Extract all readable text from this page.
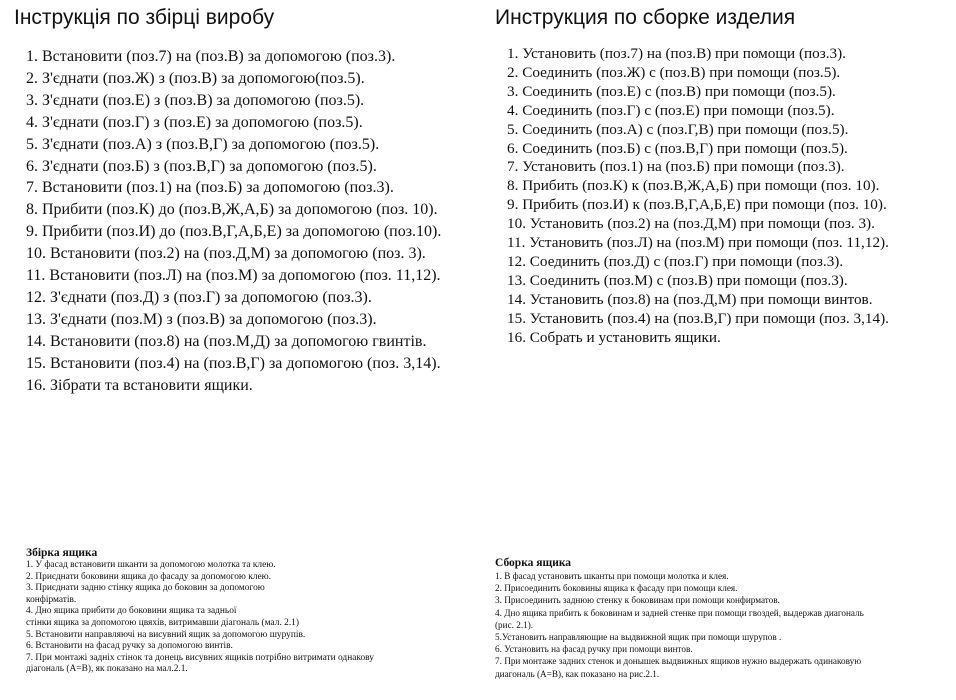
Інструкція по збірці виробу

1. Встановити (поз.7) на (поз.В) за допомогою (поз.3).

2. З'єднати (поз.Ж) з (поз.В) за допомогою(поз.5).

3. З'єднати (поз.Е) з (поз.В) за допомогою (поз.5).

4. З'єднати (поз.Г) з (поз.Е) за допомогою (поз.5).

5. З'єднати (поз.А) з (поз.В,Г) за допомогою (поз.5).

6. З'єднати (поз.Б) з (поз.В,Г) за допомогою (поз.5).

7. Встановити (поз.1) на (поз.Б) за допомогою (поз.3).

8. Прибити (поз.К) до (поз.В,Ж,А,Б) за допомогою (поз. 10).

9. Прибити (поз.И) до (поз.В,Г,А,Б,Е) за допомогою (поз.10).

10. Встановити (поз.2) на (поз.Д,М) за допомогою (поз. 3).

11. Встановити (поз.Л) на (поз.М) за допомогою (поз. 11,12).

12. З'єднати (поз.Д) з (поз.Г) за допомогою (поз.3).

13. З'єднати (поз.М) з (поз.В) за допомогою (поз.3).

14. Встановити (поз.8) на (поз.М,Д) за допомогою гвинтів.

15. Встановити (поз.4) на (поз.В,Г) за допомогою (поз. 3,14).

16. Зібрати та встановити ящики.

Збірка ящика
1. У фасад встановити шканти за допомогою молотка та клею.
2. Приєднати боковини ящика до фасаду за допомогою клею.
3. Приєднати задню стінку ящика до боковин за допомогою
конфірматів.
4. Дно ящика прибити до боковини ящика та задньої
стінки ящика за допомогою цвяхів, витримавши діагональ (мал. 2.1)
5. Встановити направляючі на висувний ящик за допомогою шурупів.
6. Встановити на фасад ручку за допомогою винтів.
7. При монтажі задніх стінок та донець висувних ящиків потрібно витримати однакову
діагональ (А=В), як показано на мал.2.1.
Инструкция по сборке изделия

1. Установить (поз.7) на (поз.В) при помощи (поз.3).

2. Соединить (поз.Ж) с (поз.В) при помощи (поз.5).

3. Соединить (поз.Е) с (поз.В) при помощи (поз.5).

4. Соединить (поз.Г) с (поз.Е) при помощи (поз.5).

5. Соединить (поз.А) с (поз.Г,В) при помощи (поз.5).

6. Соединить (поз.Б) с (поз.В,Г) при помощи (поз.5).

7. Установить (поз.1) на (поз.Б) при помощи (поз.3).

8. Прибить (поз.К) к (поз.В,Ж,А,Б) при помощи (поз. 10).

9. Прибить (поз.И) к (поз.В,Г,А,Б,Е) при помощи (поз. 10).

10. Установить (поз.2) на (поз.Д,М) при помощи (поз. 3).

11. Установить (поз.Л) на (поз.М) при помощи (поз. 11,12).

12. Соединить (поз.Д) с (поз.Г) при помощи (поз.3).

13. Соединить (поз.М) с (поз.В) при помощи (поз.3).

14. Установить (поз.8) на (поз.Д,М) при помощи винтов.

15. Установить (поз.4) на (поз.В,Г) при помощи (поз. 3,14).

16. Собрать и установить ящики.

Сборка ящика
1. В фасад установить шканты при помощи молотка и клея.
2. Присоединить боковины ящика к фасаду при помощи клея.
3. Присоединить заднюю стенку к боковинам при помощи конфирматов.
4. Дно ящика прибить к боковинам и задней стенке при помощи гвоздей, выдержав диагональ
(рис. 2.1).
5.Установить направляющие на выдвижной ящик при помощи шурупов .
6. Установить на фасад ручку при помощи винтов.
7. При монтаже задних стенок и донышек выдвижных ящиков нужно выдержать одинаковую
диагональ (А=В), как показано на рис.2.1.
